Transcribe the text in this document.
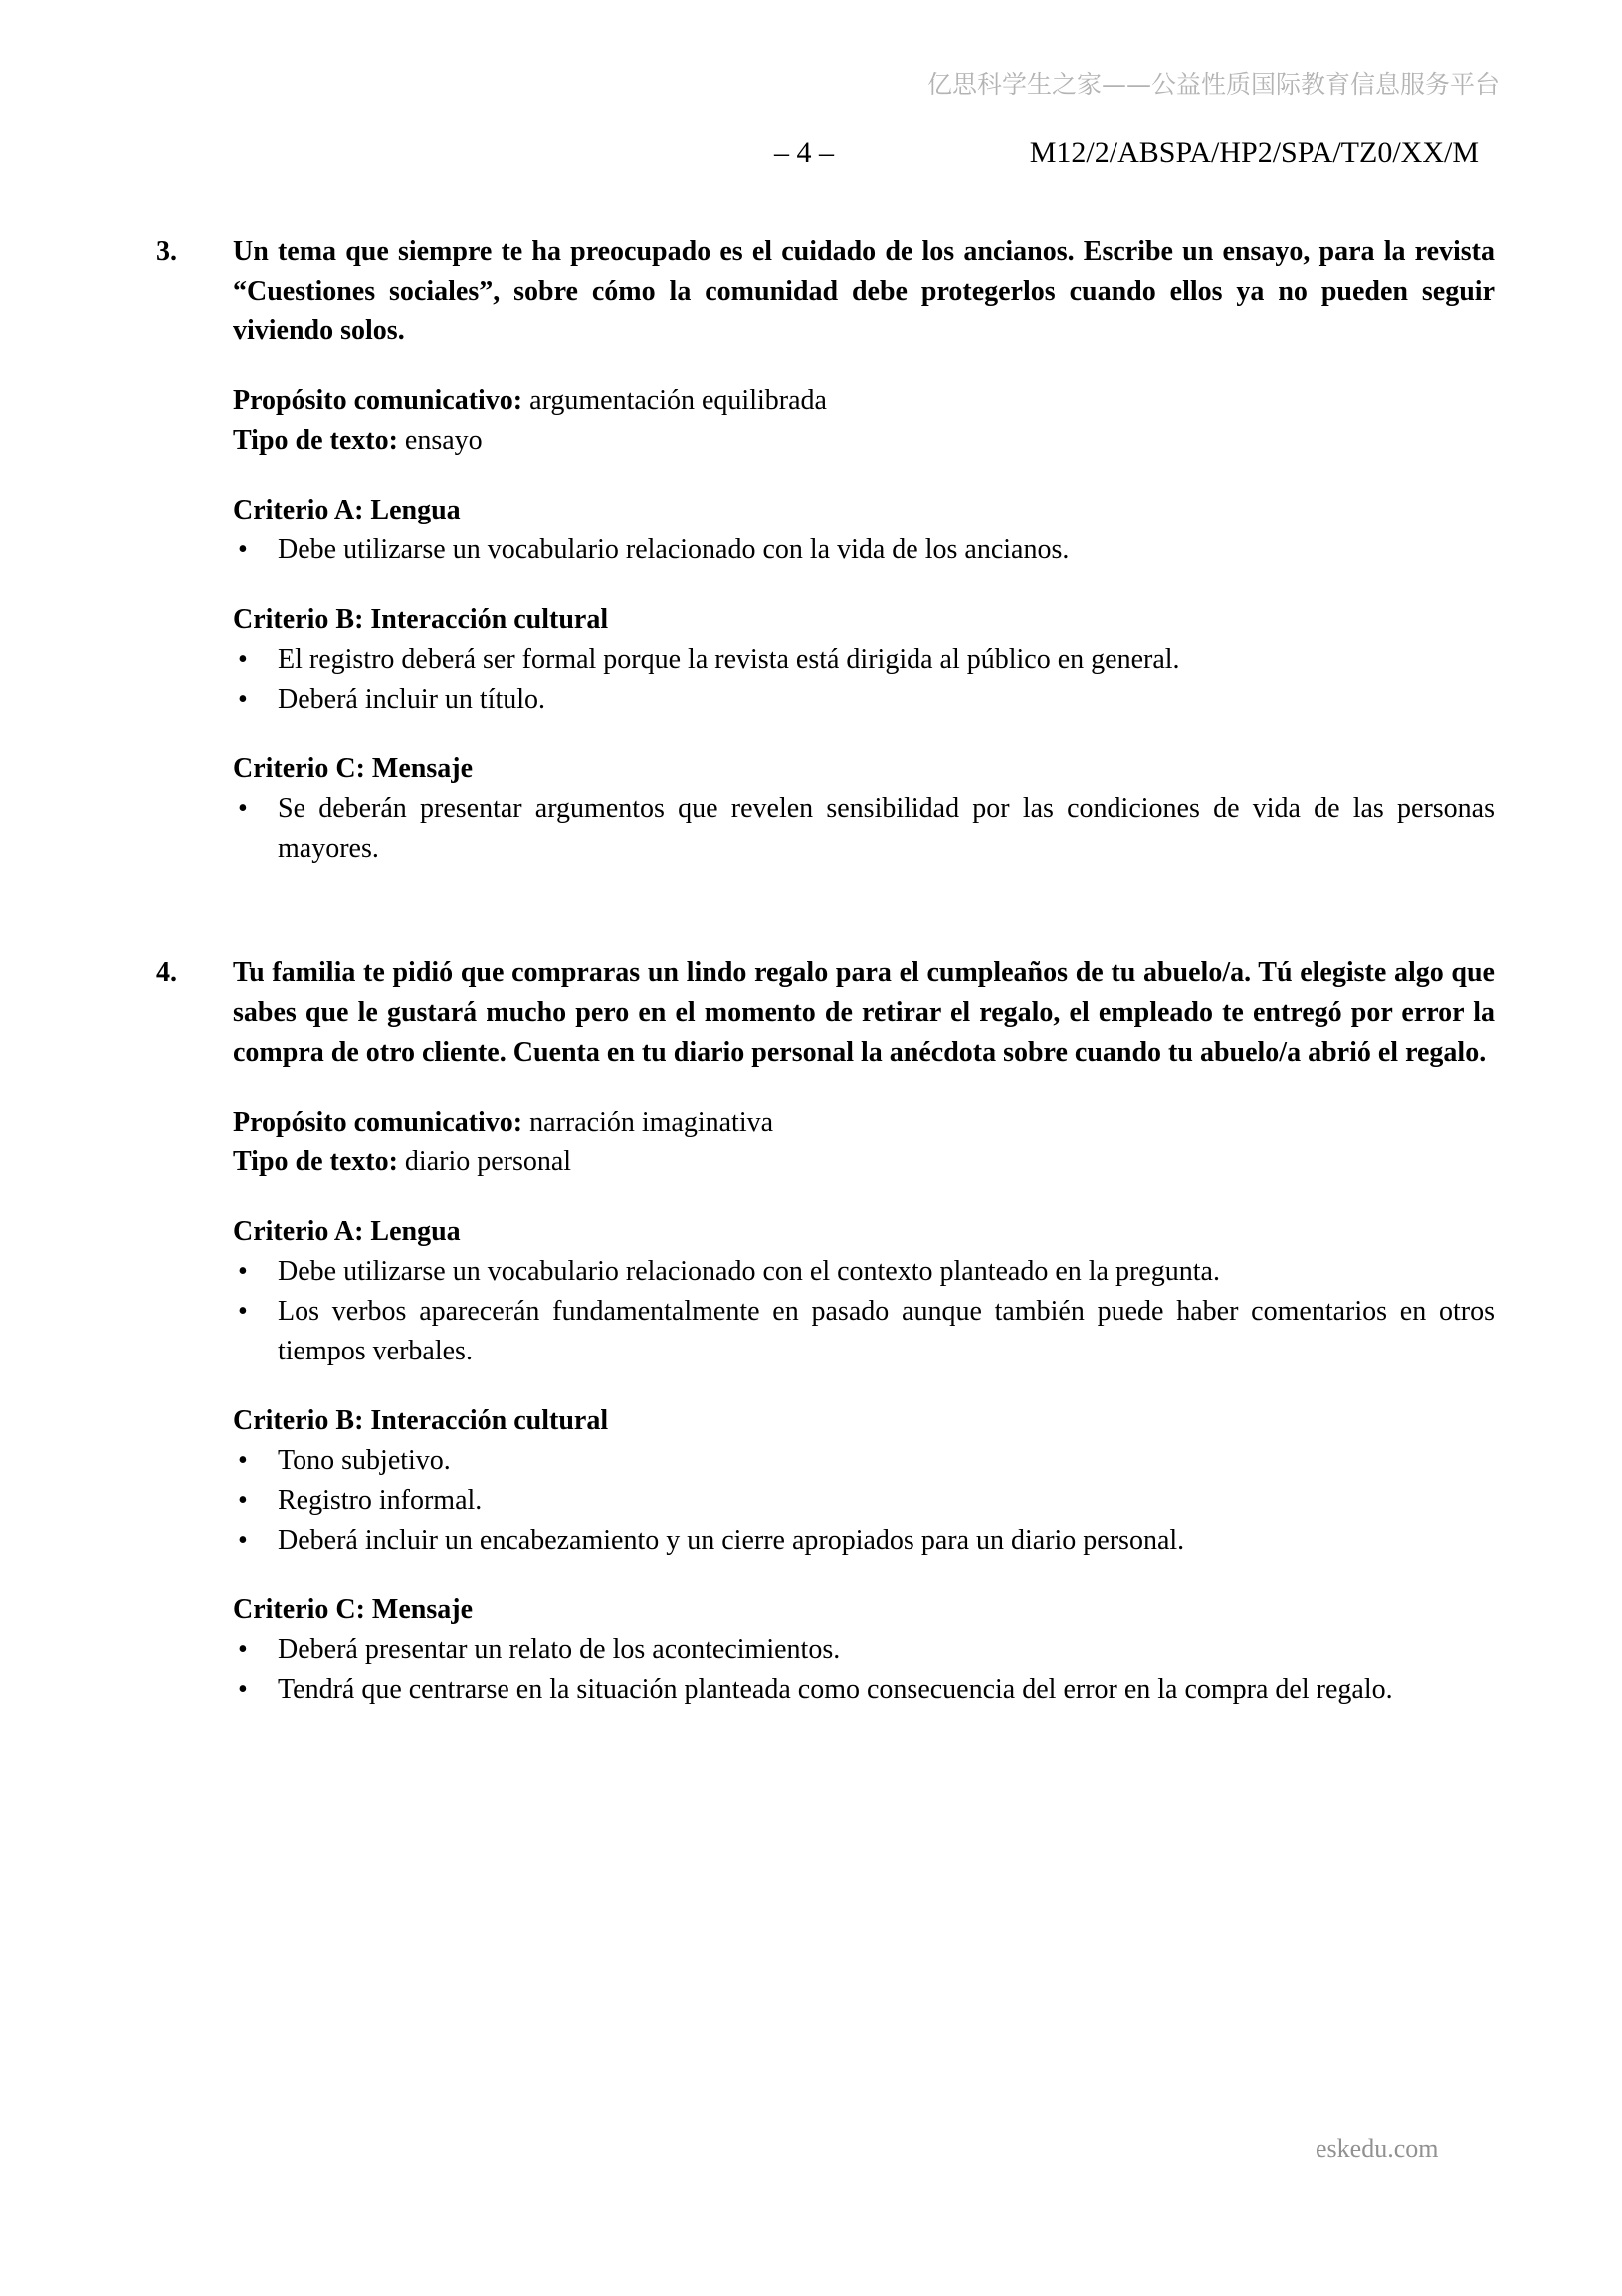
亿思科学生之家——公益性质国际教育信息服务平台
– 4 –	M12/2/ABSPA/HP2/SPA/TZ0/XX/M
3.	Un tema que siempre te ha preocupado es el cuidado de los ancianos. Escribe un ensayo, para la revista “Cuestiones sociales”, sobre cómo la comunidad debe protegerlos cuando ellos ya no pueden seguir viviendo solos.

Propósito comunicativo: argumentación equilibrada

Tipo de texto: ensayo

Criterio A: Lengua
• Debe utilizarse un vocabulario relacionado con la vida de los ancianos.
Criterio B: Interacción cultural
• El registro deberá ser formal porque la revista está dirigida al público en general.
• Deberá incluir un título.
Criterio C: Mensaje
• Se deberán presentar argumentos que revelen sensibilidad por las condiciones de vida de las personas mayores.
4.	Tu familia te pidió que compraras un lindo regalo para el cumpleaños de tu abuelo/a. Tú elegiste algo que sabes que le gustará mucho pero en el momento de retirar el regalo, el empleado te entregó por error la compra de otro cliente. Cuenta en tu diario personal la anécdota sobre cuando tu abuelo/a abrió el regalo.

Propósito comunicativo: narración imaginativa

Tipo de texto: diario personal

Criterio A: Lengua
• Debe utilizarse un vocabulario relacionado con el contexto planteado en la pregunta.
• Los verbos aparecerán fundamentalmente en pasado aunque también puede haber comentarios en otros tiempos verbales.
Criterio B: Interacción cultural
• Tono subjetivo.
• Registro informal.
• Deberá incluir un encabezamiento y un cierre apropiados para un diario personal.
Criterio C: Mensaje
• Deberá presentar un relato de los acontecimientos.
• Tendrá que centrarse en la situación planteada como consecuencia del error en la compra del regalo.
eskedu.com
